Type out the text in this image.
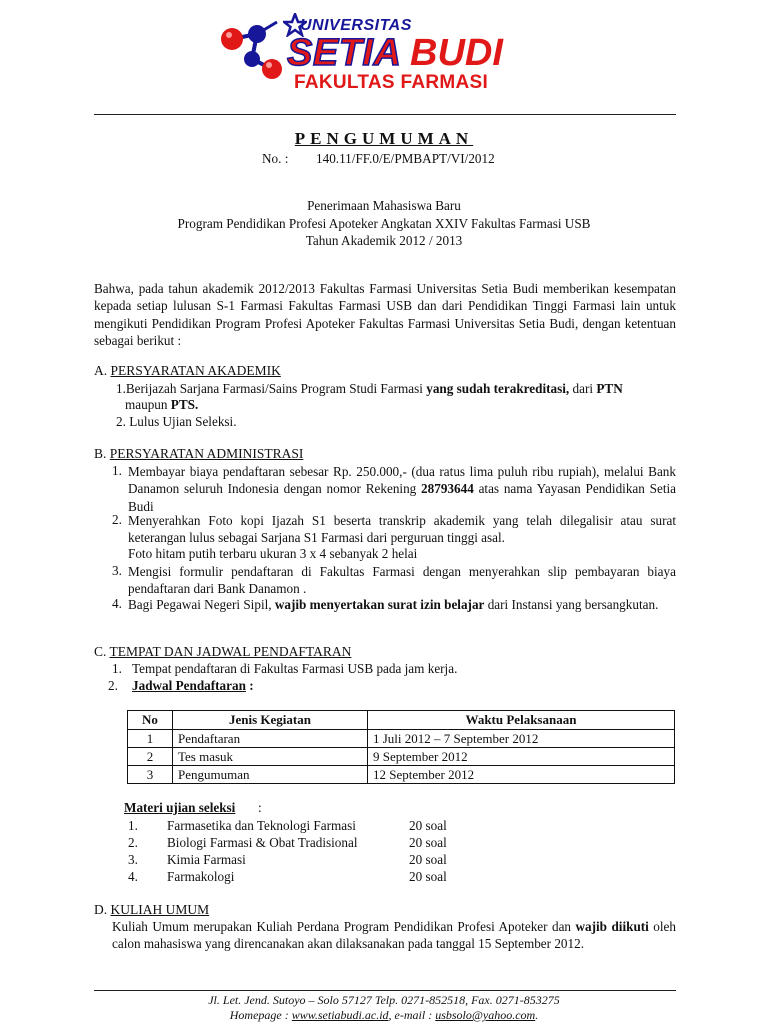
UNIVERSITAS
SETIA BUDI
FAKULTAS FARMASI
PENGUMUMAN
No. : 140.11/FF.0/E/PMBAPT/VI/2012
Penerimaan Mahasiswa Baru
Program Pendidikan Profesi Apoteker Angkatan XXIV Fakultas Farmasi USB
Tahun Akademik 2012 / 2013
Bahwa, pada tahun akademik 2012/2013 Fakultas Farmasi Universitas Setia Budi memberikan kesempatan kepada setiap lulusan S-1 Farmasi Fakultas Farmasi USB dan dari Pendidikan Tinggi Farmasi lain untuk mengikuti Pendidikan Program Profesi Apoteker Fakultas Farmasi Universitas Setia Budi, dengan ketentuan sebagai berikut :
A. PERSYARATAN AKADEMIK
1.Berijazah Sarjana Farmasi/Sains Program Studi Farmasi yang sudah terakreditasi, dari PTN
maupun PTS.
2. Lulus Ujian Seleksi.
B. PERSYARATAN ADMINISTRASI
1. Membayar biaya pendaftaran sebesar Rp. 250.000,- (dua ratus lima puluh ribu rupiah), melalui Bank Danamon seluruh Indonesia dengan nomor Rekening 28793644 atas nama Yayasan Pendidikan Setia Budi
2. Menyerahkan Foto kopi Ijazah S1 beserta transkrip akademik yang telah dilegalisir atau surat keterangan lulus sebagai Sarjana S1 Farmasi dari perguruan tinggi asal.
Foto hitam putih terbaru ukuran 3 x 4 sebanyak 2 helai
3. Mengisi formulir pendaftaran di Fakultas Farmasi dengan menyerahkan slip pembayaran biaya pendaftaran dari Bank Danamon .
4. Bagi Pegawai Negeri Sipil, wajib menyertakan surat izin belajar dari Instansi yang bersangkutan.
C. TEMPAT DAN JADWAL PENDAFTARAN
1. Tempat pendaftaran di Fakultas Farmasi USB pada jam kerja.
2. Jadwal Pendaftaran :
No	Jenis Kegiatan	Waktu Pelaksanaan
1	Pendaftaran	1 Juli 2012 – 7 September 2012
2	Tes masuk	9 September 2012
3	Pengumuman	12 September 2012
Materi ujian seleksi :
1. Farmasetika dan Teknologi Farmasi	20 soal
2. Biologi Farmasi & Obat Tradisional	20 soal
3. Kimia Farmasi	20 soal
4. Farmakologi	20 soal
D. KULIAH UMUM
Kuliah Umum merupakan Kuliah Perdana Program Pendidikan Profesi Apoteker dan wajib diikuti oleh calon mahasiswa yang direncanakan akan dilaksanakan pada tanggal 15 September 2012.
Jl. Let. Jend. Sutoyo – Solo 57127 Telp. 0271-852518, Fax. 0271-853275
Homepage : www.setiabudi.ac.id, e-mail : usbsolo@yahoo.com.
